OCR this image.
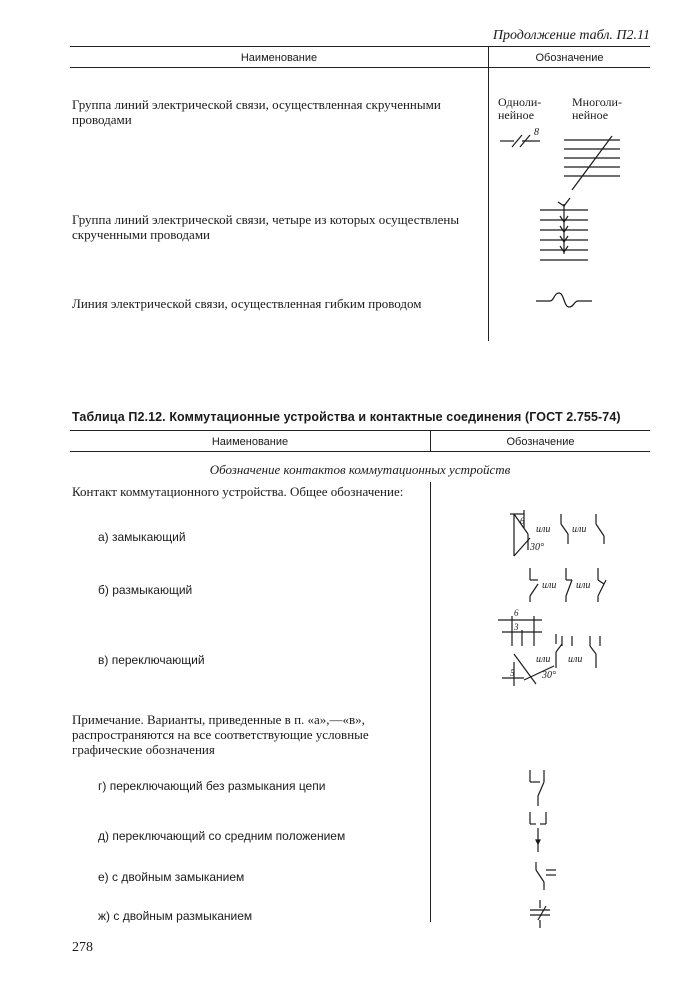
Продолжение табл. П2.11
Наименование	Обозначение
Группа линий электрической связи, осуществленная скрученными проводами
Группа линий электрической связи, четыре из которых осуществлены скрученными проводами
Линия электрической связи, осуществленная гибким проводом
Одноли-нейное
Многоли-нейное
8
Таблица П2.12. Коммутационные устройства и контактные соединения (ГОСТ 2.755-74)
Наименование	Обозначение
Обозначение контактов коммутационных устройств
Контакт коммутационного устройства. Общее обозначение:
а) замыкающий
б) размыкающий
в) переключающий
Примечание. Варианты, приведенные в п. «а»,—«в», распространяются на все соответствующие условные графические обозначения
г) переключающий без размыкания цепи
д) переключающий со средним положением
е) с двойным замыканием
ж) с двойным размыканием
6
или
30°
или
или или
6
3
5
или
30°
или
278
